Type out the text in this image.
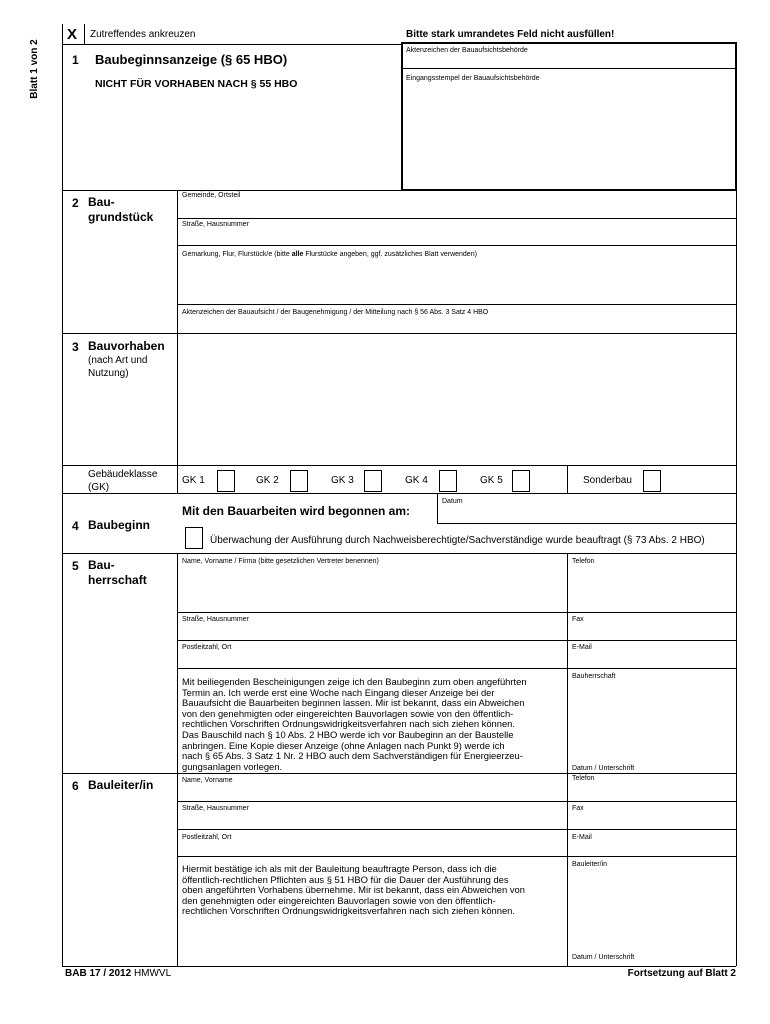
Blatt 1 von 2
X Zutreffendes ankreuzen	Bitte stark umrandetes Feld nicht ausfüllen!
1 Baubeginnsanzeige (§ 65 HBO)
NICHT FÜR VORHABEN NACH § 55 HBO
Aktenzeichen der Bauaufsichtsbehörde
Eingangsstempel der Bauaufsichtsbehörde
2 Bau-
grundstück
Gemeinde, Ortsteil
Straße, Hausnummer
Gemarkung, Flur, Flurstück/e (bitte alle Flurstücke angeben, ggf. zusätzliches Blatt verwenden)
Aktenzeichen der Bauaufsicht / der Baugenehmigung / der Mitteilung nach § 56 Abs. 3 Satz 4 HBO
3 Bauvorhaben
(nach Art und
Nutzung)
Gebäudeklasse
(GK)
GK 1	GK 2	GK 3	GK 4	GK 5	Sonderbau
Mit den Bauarbeiten wird begonnen am:
Datum
4 Baubeginn
Überwachung der Ausführung durch Nachweisberechtigte/Sachverständige wurde beauftragt (§ 73 Abs. 2 HBO)
5 Bau-
herrschaft
Name, Vorname / Firma (bitte gesetzlichen Vertreter benennen)	Telefon
Straße, Hausnummer	Fax
Postleitzahl, Ort	E-Mail
Mit beiliegenden Bescheinigungen zeige ich den Baubeginn zum oben angeführten
Termin an. Ich werde erst eine Woche nach Eingang dieser Anzeige bei der
Bauaufsicht die Bauarbeiten beginnen lassen. Mir ist bekannt, dass ein Abweichen
von den genehmigten oder eingereichten Bauvorlagen sowie von den öffentlich-
rechtlichen Vorschriften Ordnungswidrigkeitsverfahren nach sich ziehen können.
Das Bauschild nach § 10 Abs. 2 HBO werde ich vor Baubeginn an der Baustelle
anbringen. Eine Kopie dieser Anzeige (ohne Anlagen nach Punkt 9) werde ich
nach § 65 Abs. 3 Satz 1 Nr. 2 HBO auch dem Sachverständigen für Energieerzeu-
gungsanlagen vorlegen.
Bauherrschaft
Datum / Unterschrift
6 Bauleiter/in	Name, Vorname	Telefon
Straße, Hausnummer	Fax
Postleitzahl, Ort	E-Mail
Hiermit bestätige ich als mit der Bauleitung beauftragte Person, dass ich die
öffentlich-rechtlichen Pflichten aus § 51 HBO für die Dauer der Ausführung des
oben angeführten Vorhabens übernehme. Mir ist bekannt, dass ein Abweichen von
den genehmigten oder eingereichten Bauvorlagen sowie von den öffentlich-
rechtlichen Vorschriften Ordnungswidrigkeitsverfahren nach sich ziehen können.
Bauleiter/in
Datum / Unterschrift
BAB 17 / 2012 HMWVL	Fortsetzung auf Blatt 2
